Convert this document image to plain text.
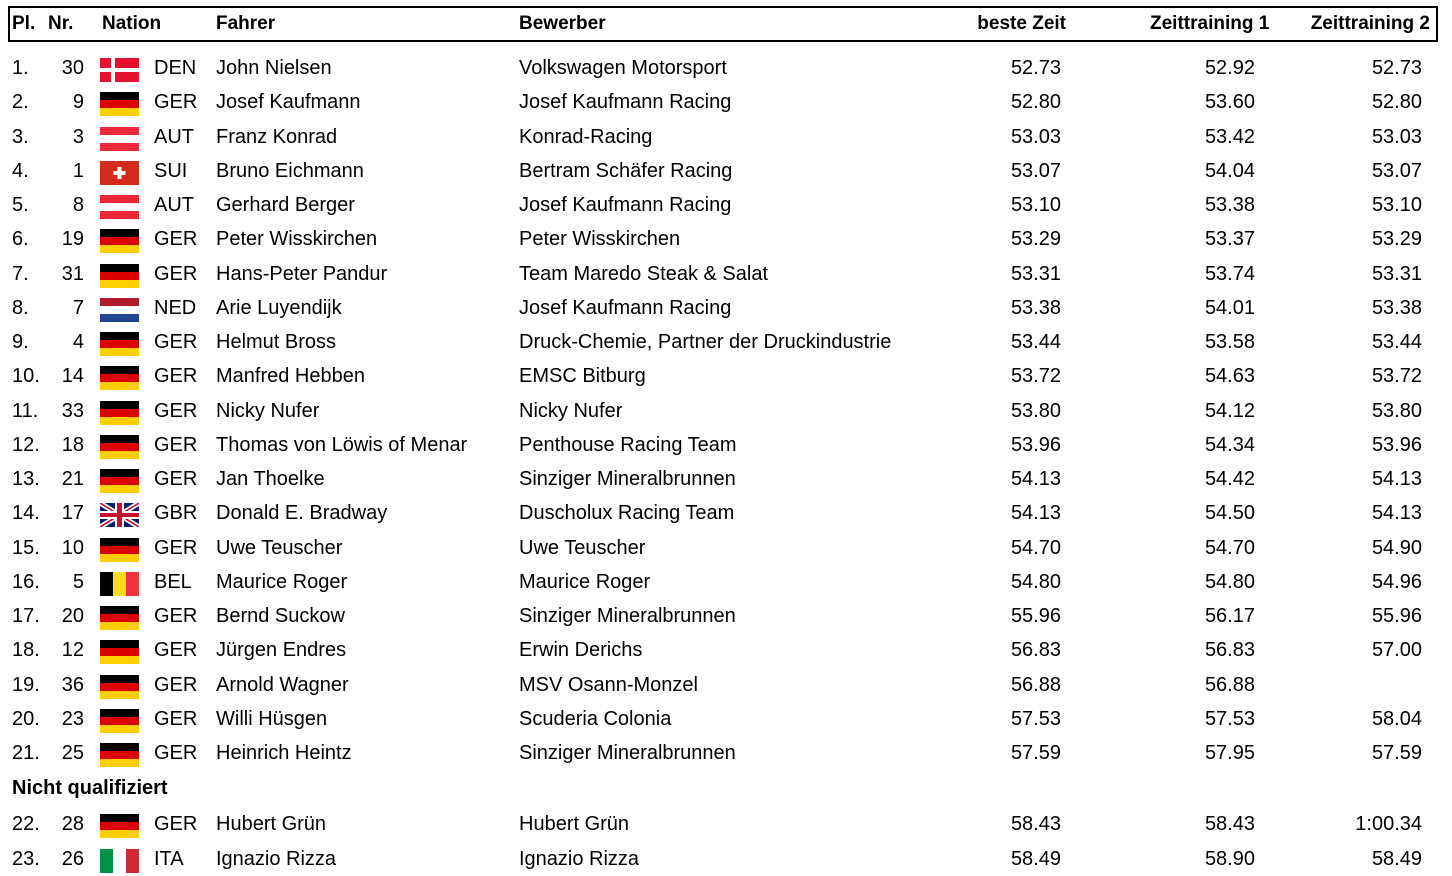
Pl. Nr.	Nation	Fahrer	Bewerber	beste Zeit	Zeittraining 1 Zeittraining 2
1.	30	DEN John Nielsen	Volkswagen Motorsport	52.73	52.92	52.73
2.	9	GER Josef Kaufmann	Josef Kaufmann Racing	52.80	53.60	52.80
3.	3	AUT Franz Konrad	Konrad-Racing	53.03	53.42	53.03
4.	1	SUI Bruno Eichmann	Bertram Schäfer Racing	53.07	54.04	53.07
5.	8	AUT Gerhard Berger	Josef Kaufmann Racing	53.10	53.38	53.10
6.	19	GER Peter Wisskirchen	Peter Wisskirchen	53.29	53.37	53.29
7.	31	GER Hans-Peter Pandur	Team Maredo Steak & Salat	53.31	53.74	53.31
8.	7	NED Arie Luyendijk	Josef Kaufmann Racing	53.38	54.01	53.38
9.	4	GER Helmut Bross	Druck-Chemie, Partner der Druckindustrie	53.44	53.58	53.44
10.	14	GER Manfred Hebben	EMSC Bitburg	53.72	54.63	53.72
11.	33	GER Nicky Nufer	Nicky Nufer	53.80	54.12	53.80
12.	18	GER Thomas von Löwis of Menar	Penthouse Racing Team	53.96	54.34	53.96
13.	21	GER Jan Thoelke	Sinziger Mineralbrunnen	54.13	54.42	54.13
14.	17	GBR Donald E. Bradway	Duscholux Racing Team	54.13	54.50	54.13
15.	10	GER Uwe Teuscher	Uwe Teuscher	54.70	54.70	54.90
16.	5	BEL Maurice Roger	Maurice Roger	54.80	54.80	54.96
17.	20	GER Bernd Suckow	Sinziger Mineralbrunnen	55.96	56.17	55.96
18.	12	GER Jürgen Endres	Erwin Derichs	56.83	56.83	57.00
19.	36	GER Arnold Wagner	MSV Osann-Monzel	56.88	56.88
20.	23	GER Willi Hüsgen	Scuderia Colonia	57.53	57.53	58.04
21.	25	GER Heinrich Heintz	Sinziger Mineralbrunnen	57.59	57.95	57.59
Nicht qualifiziert
22.	28	GER Hubert Grün	Hubert Grün	58.43	58.43	1:00.34
23.	26	ITA Ignazio Rizza	Ignazio Rizza	58.49	58.90	58.49
